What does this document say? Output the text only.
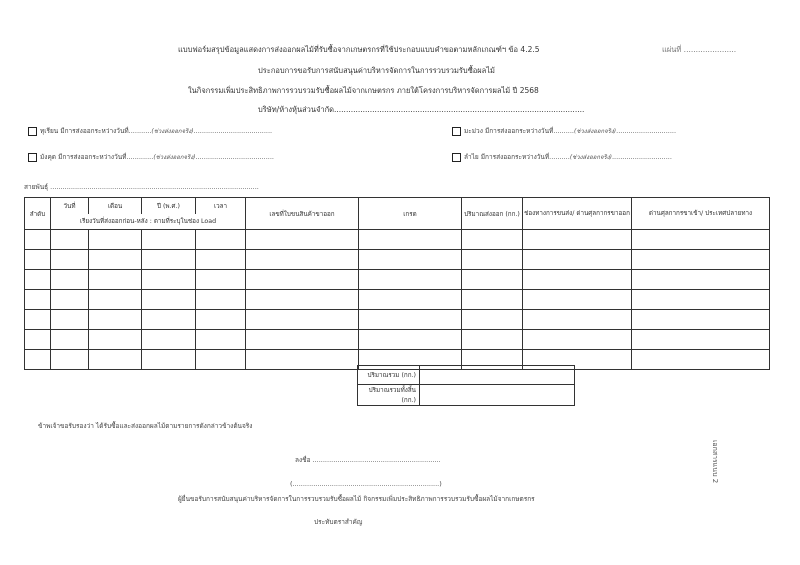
แบบฟอร์มสรุปข้อมูลแสดงการส่งออกผลไม้ที่รับซื้อจากเกษตรกรที่ใช้ประกอบแบบคำขอตามหลักเกณฑ์ฯ ข้อ 4.2.5	แผ่นที่ ......................
ประกอบการขอรับการสนับสนุนค่าบริหารจัดการในการรวบรวมรับซื้อผลไม้
ในกิจกรรมเพิ่มประสิทธิภาพการรวบรวมรับซื้อผลไม้จากเกษตรกร ภายใต้โครงการบริหารจัดการผลไม้ ปี 2568
บริษัท/ห้างหุ้นส่วนจำกัด.........................................................................................................
ทุเรียน มีการส่งออกระหว่างวันที่...........(ช่วงส่งออกจริง)......................................	มะม่วง มีการส่งออกระหว่างวันที่..........(ช่วงส่งออกจริง).............................
มังคุด มีการส่งออกระหว่างวันที่.............(ช่วงส่งออกจริง)......................................	ลำไย มีการส่งออกระหว่างวันที่..........(ช่วงส่งออกจริง).............................
สายพันธุ์ .....................................................................................................
ลำดับ	วันที่	เดือน	ปี (พ.ศ.)	เวลา	เลขที่ใบขนสินค้าขาออก	เกรด	ปริมาณส่งออก (กก.)	ช่องทางการขนส่ง/ ด่านศุลกากรขาออก	ด่านศุลกากรขาเข้า/ ประเทศปลายทาง
	เรียงวันที่ส่งออกก่อน-หลัง : ตามที่ระบุในช่อง Load								

ปริมาณรวม (กก.)	
ปริมาณรวมทั้งสิ้น (กก.)	
ข้าพเจ้าขอรับรองว่า ได้รับซื้อและส่งออกผลไม้ตามรายการดังกล่าวข้างต้นจริง
ลงชื่อ ..............................................................
(.......................................................................)
ผู้ยื่นขอรับการสนับสนุนค่าบริหารจัดการในการรวบรวมรับซื้อผลไม้ กิจกรรมเพิ่มประสิทธิภาพการรวบรวมรับซื้อผลไม้จากเกษตรกร
ประทับตราสำคัญ
เอกสารแนบ 2
